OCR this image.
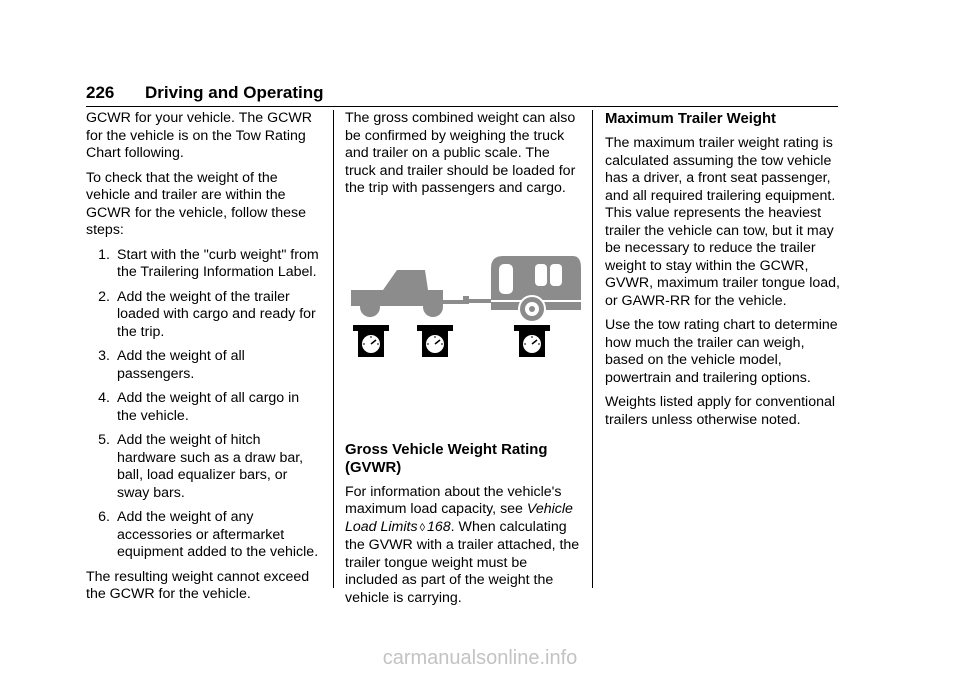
226 Driving and Operating

GCWR for your vehicle. The GCWR for the vehicle is on the Tow Rating Chart following.

To check that the weight of the vehicle and trailer are within the GCWR for the vehicle, follow these steps:

1. Start with the "curb weight" from the Trailering Information Label.
2. Add the weight of the trailer loaded with cargo and ready for the trip.
3. Add the weight of all passengers.
4. Add the weight of all cargo in the vehicle.
5. Add the weight of hitch hardware such as a draw bar, ball, load equalizer bars, or sway bars.
6. Add the weight of any accessories or aftermarket equipment added to the vehicle.

The resulting weight cannot exceed the GCWR for the vehicle.

The gross combined weight can also be confirmed by weighing the truck and trailer on a public scale. The truck and trailer should be loaded for the trip with passengers and cargo.

Gross Vehicle Weight Rating (GVWR)

For information about the vehicle's maximum load capacity, see Vehicle Load Limits ◊ 168. When calculating the GVWR with a trailer attached, the trailer tongue weight must be included as part of the weight the vehicle is carrying.

Maximum Trailer Weight

The maximum trailer weight rating is calculated assuming the tow vehicle has a driver, a front seat passenger, and all required trailering equipment. This value represents the heaviest trailer the vehicle can tow, but it may be necessary to reduce the trailer weight to stay within the GCWR, GVWR, maximum trailer tongue load, or GAWR-RR for the vehicle.

Use the tow rating chart to determine how much the trailer can weigh, based on the vehicle model, powertrain and trailering options.

Weights listed apply for conventional trailers unless otherwise noted.

carmanualsonline.info
